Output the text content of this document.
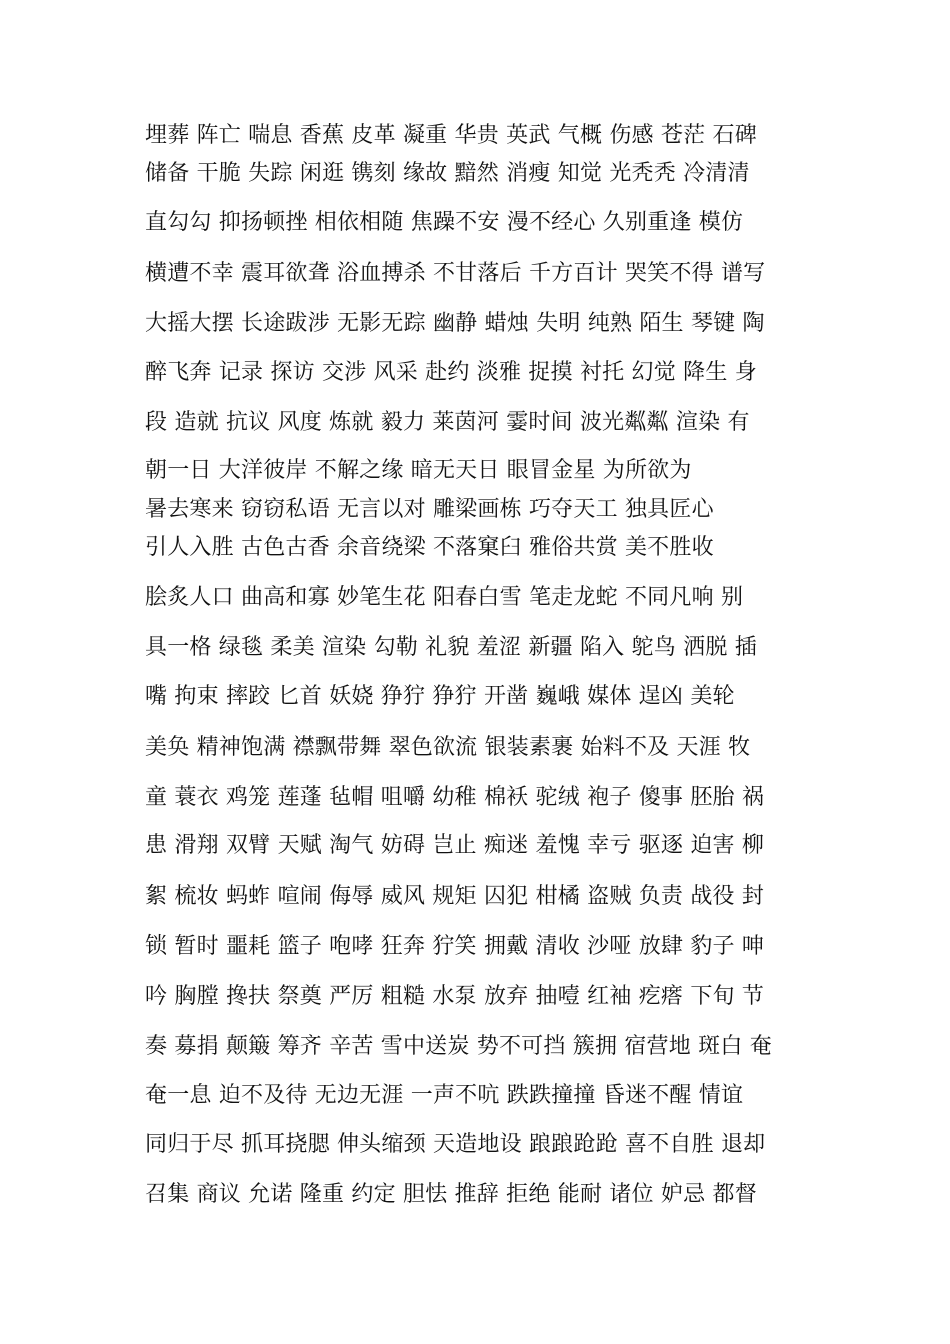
埋葬 阵亡 喘息 香蕉 皮革 凝重 华贵 英武 气概 伤感 苍茫 石碑
储备 干脆 失踪 闲逛 镌刻 缘故 黯然 消瘦 知觉 光秃秃 冷清清
直勾勾 抑扬顿挫 相依相随 焦躁不安 漫不经心 久别重逢 模仿
横遭不幸 震耳欲聋 浴血搏杀 不甘落后 千方百计 哭笑不得 谱写
大摇大摆 长途跋涉 无影无踪 幽静 蜡烛 失明 纯熟 陌生 琴键 陶
醉飞奔 记录 探访 交涉 风采 赴约 淡雅 捉摸 衬托 幻觉 降生 身
段 造就 抗议 风度 炼就 毅力 莱茵河 霎时间 波光粼粼 渲染 有
朝一日 大洋彼岸 不解之缘 暗无天日 眼冒金星 为所欲为
暑去寒来 窃窃私语 无言以对 雕梁画栋 巧夺天工 独具匠心
引人入胜 古色古香 余音绕梁 不落窠臼 雅俗共赏 美不胜收
脍炙人口 曲高和寡 妙笔生花 阳春白雪 笔走龙蛇 不同凡响 别
具一格 绿毯 柔美 渲染 勾勒 礼貌 羞涩 新疆 陷入 鸵鸟 洒脱 插
嘴 拘束 摔跤 匕首 妖娆 狰狞 狰狞 开凿 巍峨 媒体 逞凶 美轮
美奂 精神饱满 襟飘带舞 翠色欲流 银装素裹 始料不及 天涯 牧
童 蓑衣 鸡笼 莲蓬 毡帽 咀嚼 幼稚 棉袄 驼绒 袍子 傻事 胚胎 祸
患 滑翔 双臂 天赋 淘气 妨碍 岂止 痴迷 羞愧 幸亏 驱逐 迫害 柳
絮 梳妆 蚂蚱 喧闹 侮辱 威风 规矩 囚犯 柑橘 盗贼 负责 战役 封
锁 暂时 噩耗 篮子 咆哮 狂奔 狞笑 拥戴 清收 沙哑 放肆 豹子 呻
吟 胸膛 搀扶 祭奠 严厉 粗糙 水泵 放弃 抽噎 红袖 疙瘩 下旬 节
奏 募捐 颠簸 筹齐 辛苦 雪中送炭 势不可挡 簇拥 宿营地 斑白 奄
奄一息 迫不及待 无边无涯 一声不吭 跌跌撞撞 昏迷不醒 情谊
同归于尽 抓耳挠腮 伸头缩颈 天造地设 踉踉跄跄 喜不自胜 退却
召集 商议 允诺 隆重 约定 胆怯 推辞 拒绝 能耐 诸位 妒忌 都督
